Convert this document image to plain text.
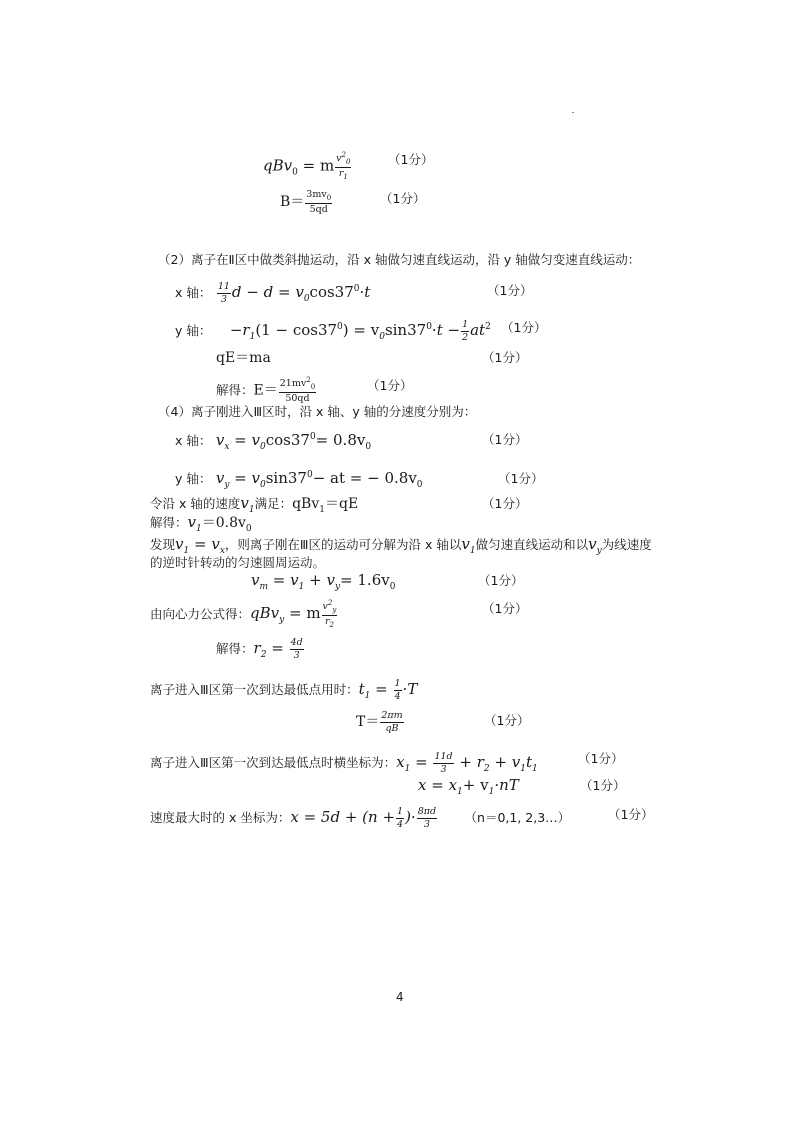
qBv$_0$ = m $\frac{v^2_0}{r_1}$	（1分）
$B= \frac{3mv_0}{5qd}$	（1分）
（2）离子在Ⅱ区中做类斜抛运动，沿 x 轴做匀速直线运动，沿 y 轴做匀变速直线运动：
x 轴： $\frac{11}{3}$ $d - d = v_0\cos 37^0\cdot t$	（1分）
y 轴： $-r_1(1 - \cos 37^0) = v_0\sin 37^0\cdot t - \frac{1}{2} at^2$ （1分）
qE＝ma	（1分）
解得：$E= \frac{21mv^2_0}{50qd}$	（1分）
（4）离子刚进入Ⅲ区时，沿 x 轴、y 轴的分速度分别为：
x 轴： $v_x = v_0\cos 37^0= 0.8v_0$	（1分）
y 轴： $v_y = v_0\sin 37^0-$ at = − $0.8v_0$	（1分）
令沿 x 轴的速度$v_1$满足：qBv$_1$＝qE	（1分）
解得：$v_1=0.8v_0$
发现$v_1 = v_x$，则离子刚在Ⅲ区的运动可分解为沿 x 轴以$v_1$做匀速直线运动和以$v_y$为线速度
的逆时针转动的匀速圆周运动。
$v_m = v_1 + v_y= 1.6v_0$	（1分）
由向心力公式得：qBv$_y$ = m $\frac{v^2_y}{r_2}$	（1分）
解得：$r_2 = \frac{4d}{3}$
离子进入Ⅲ区第一次到达最低点用时：$t_1 = \frac{1}{4} \cdot T$
$T= \frac{2\pi m}{qB}$	（1分）
离子进入Ⅲ区第一次到达最低点时横坐标为：$x_1 = \frac{11d}{3} + r_2 + v_1t_1$
（1分）
$x = x_1+ v_1\cdot nT$	（1分）
速度最大时的 x 坐标为：$x = 5d + (n + \frac{1}{4}$ )· $\frac{8\pi d}{3} (n=0,1$, 2,3…）	（1分）
4
